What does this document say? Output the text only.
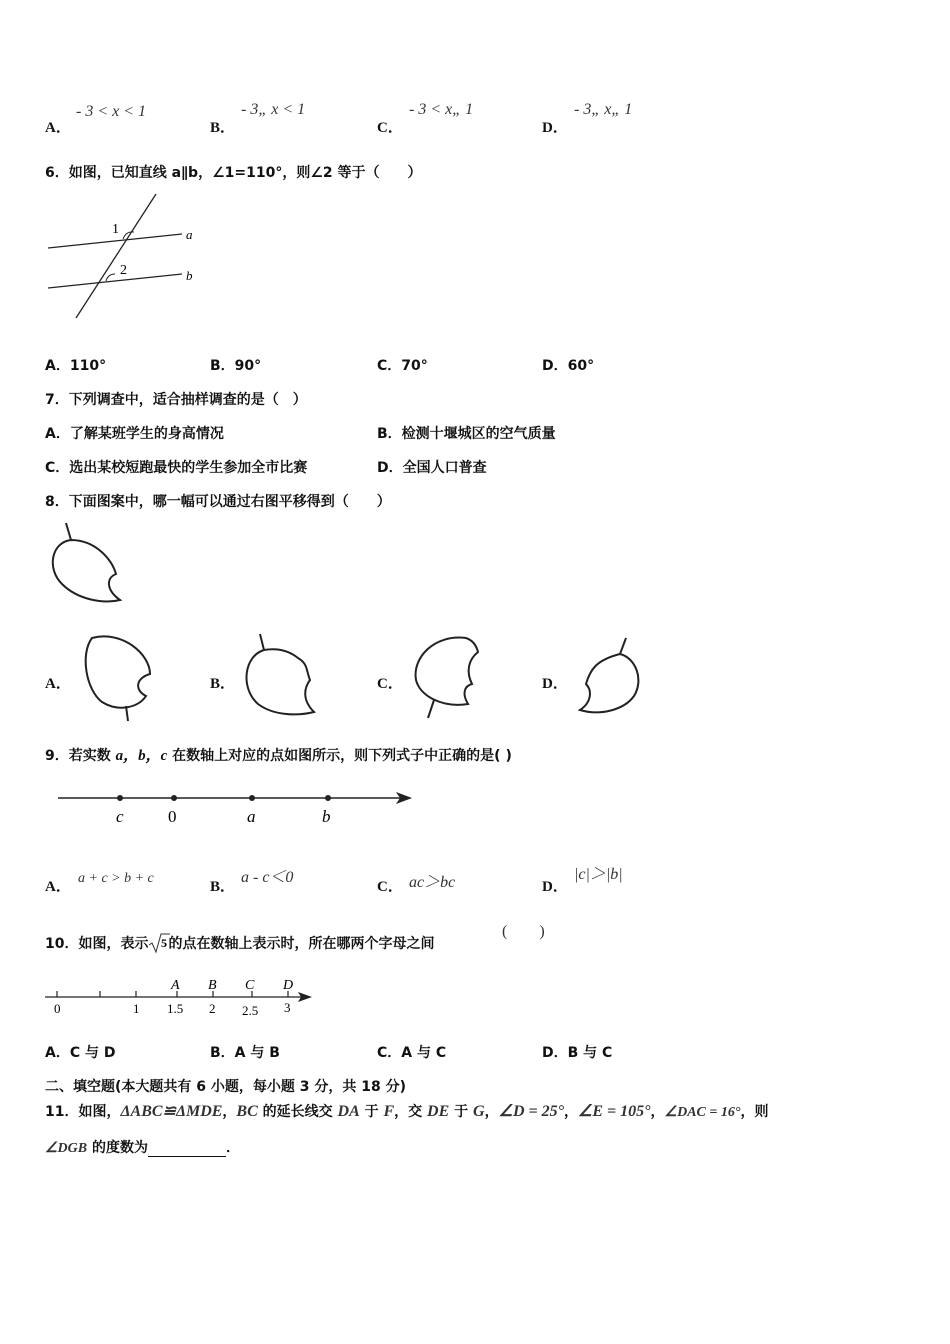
A．
- 3 < x < 1
B．
- 3„ x < 1
C．
- 3 < x„ 1
D．
- 3„ x„ 1
6．如图，已知直线 a∥b，∠1=110°，则∠2 等于（　　）
1
2
a
b
A．110°	B．90°	C．70°	D．60°
7．下列调查中，适合抽样调查的是（　）
A．了解某班学生的身高情况	B．检测十堰城区的空气质量
C．选出某校短跑最快的学生参加全市比赛	D．全国人口普查
8．下面图案中，哪一幅可以通过右图平移得到（　　）
A．	B．	C．	D．
9．若实数 a，b，c 在数轴上对应的点如图所示，则下列式子中正确的是( )
c	0	a	b
A．
a + c > b + c
B．
a - c＜0
C． ac＞bc	D．
|c|＞|b|
10．如图，表示 5 的点在数轴上表示时，所在哪两个字母之间
(　　)
A B C D
0	1 1.5 2 2.5 3
A．C 与 D	B．A 与 B	C．A 与 C	D．B 与 C
二、填空题(本大题共有 6 小题，每小题 3 分，共 18 分)
11．如图，ΔABC≌ΔMDE，BC 的延长线交 DA 于 F，交 DE 于 G，∠D = 25°，∠E = 105°，∠DAC = 16°，则
∠DGB 的度数为	．
